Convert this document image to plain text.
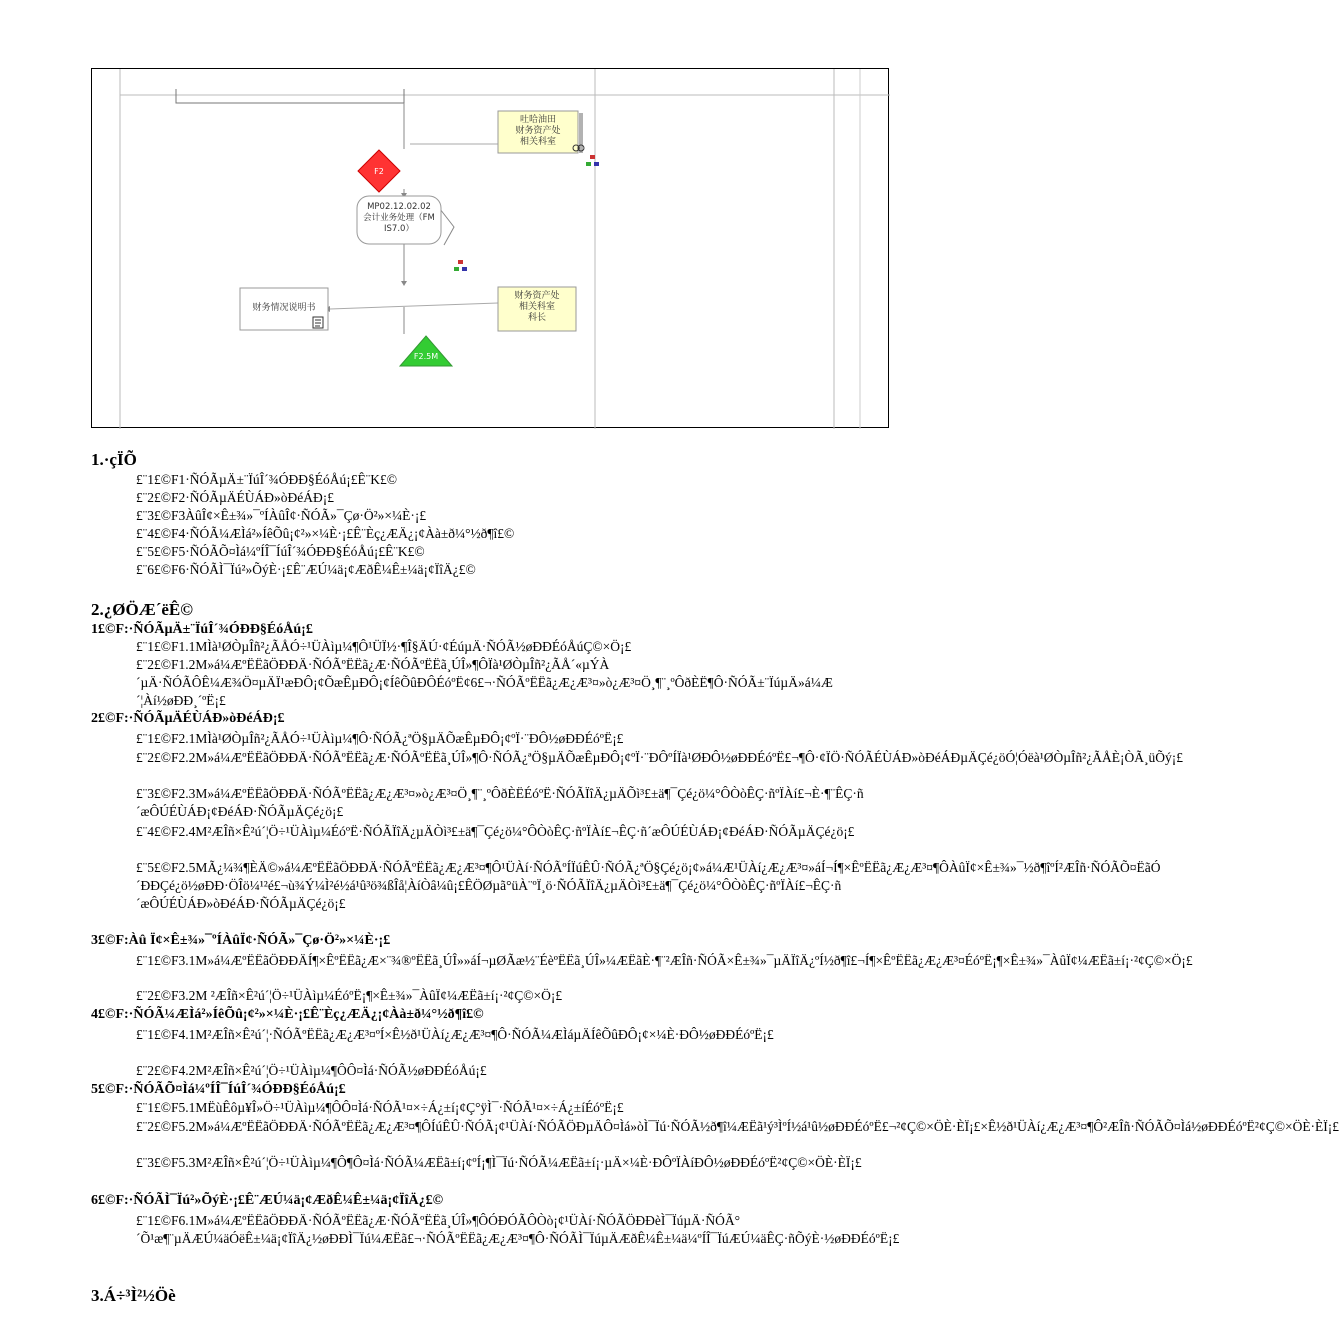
吐哈油田
财务资产处
相关科室
F2
MP02.12.02.02
会计业务处理（FM
IS7.0）
财务情况说明书
财务资产处
相关科室
科长
F2.5M
1.·çÏÕ
£¨1£©F1·ÑÓÃµÄ±¨ÏúÎ´¾ÓÐÐ§ÉóÅú¡£Ê¨K£©
£¨2£©F2·ÑÓÃµÄÉÙÁÐ»òÐéÁÐ¡£
£¨3£©F3ÀûÎ¢×Ê±¾»¯ºÍÀûÎ¢·ÑÓÃ»¯Çø·Ö²»×¼È·¡£
£¨4£©F4·ÑÓÃ¼ÆÌá²»ÍêÕû¡¢²»×¼È·¡£Ê¨Èç¿ÆÄ¿¡¢Àà±ð¼°½ð¶î£©
£¨5£©F5·ÑÓÃÕ¤Ìá¼ºÍÎ¯ÍúÎ´¾ÓÐÐ§ÉóÅú¡£Ê¨K£©
£¨6£©F6·ÑÓÃÌ¯Ïú²»ÕýÈ·¡£Ê¨ÆÚ¼ä¡¢ÆðÊ¼Ê±¼ä¡¢ÏîÄ¿£©
2.¿ØÖÆ´ëÊ©
1£©F:·ÑÓÃµÄ±¨ÏúÎ´¾ÓÐÐ§ÉóÅú¡£
£¨1£©F1.1MÌà¹ØÒµÎñ²¿ÃÅÓ÷¹ÜÀìµ¼¶Ô¹ÜÏ½·¶Î§ÄÚ·¢ÉúµÄ·ÑÓÃ½øÐÐÉóÅúÇ©×Ö¡£
£¨2£©F1.2M»á¼ÆºËËãÖÐÐÄ·ÑÓÃºËËã¿Æ·ÑÓÃºËËã¸ÚÎ»¶ÔÏà¹ØÒµÎñ²¿ÃÅ´«µÝÀ´µÄ·ÑÓÃÔÊ¼Æ¾Ö¤µÄÏ¹æÐÔ¡¢ÕæÊµÐÔ¡¢ÍêÕûÐÔÉóºË¢6£¬·ÑÓÃºËËã¿Æ¿Æ³¤»ò¿Æ³¤Ö¸¶¨¸ºÔðÈË¶Ô·ÑÓÃ±¨ÏúµÄ»á¼Æ´¦Àí½øÐÐ¸´ºË¡£
2£©F:·ÑÓÃµÄÉÙÁÐ»òÐéÁÐ¡£
£¨1£©F2.1MÌà¹ØÒµÎñ²¿ÃÅÓ÷¹ÜÀìµ¼¶Ô·ÑÓÃ¿ªÖ§µÄÕæÊµÐÔ¡¢ºÏ·¨ÐÔ½øÐÐÉóºË¡£
£¨2£©F2.2M»á¼ÆºËËãÖÐÐÄ·ÑÓÃºËËã¿Æ·ÑÓÃºËËã¸ÚÎ»¶Ô·ÑÓÃ¿ªÖ§µÄÕæÊµÐÔ¡¢ºÏ·¨ÐÔºÍÏà¹ØÐÔ½øÐÐÉóºË£¬¶Ô·¢ÏÖ·ÑÓÃÉÙÁÐ»òÐéÁÐµÄÇé¿öÓ¦Óëà¹ØÒµÎñ²¿ÃÅÈ¡ÒÃ¸üÕý¡£
£¨3£©F2.3M»á¼ÆºËËãÖÐÐÄ·ÑÓÃºËËã¿Æ¿Æ³¤»ò¿Æ³¤Ö¸¶¨¸ºÔðÈËÉóºË·ÑÓÃÏîÄ¿µÄÕì³£±ä¶¯Çé¿ö¼°ÔÒòÊÇ·ñºÏÀí£¬È·¶¨ÊÇ·ñ´æÔÚÉÙÁÐ¡¢ÐéÁÐ·ÑÓÃµÄÇé¿ö¡£
£¨4£©F2.4M²ÆÎñ×Ê²ú´¦Ö÷¹ÜÀìµ¼ÉóºË·ÑÓÃÏîÄ¿µÄÒì³£±ä¶¯Çé¿ö¼°ÔÒòÊÇ·ñºÏÀí£¬ÊÇ·ñ´æÔÚÉÙÁÐ¡¢ÐéÁÐ·ÑÓÃµÄÇé¿ö¡£
£¨5£©F2.5MÃ¿¼¾¶ÈÄ©»á¼ÆºËËãÖÐÐÄ·ÑÓÃºËËã¿Æ¿Æ³¤¶Ô¹ÜÀí·ÑÓÃºÍÏúÊÛ·ÑÓÃ¿ªÖ§Çé¿ö¡¢»á¼Æ¹ÜÀí¿Æ¿Æ³¤»áÍ¬Í¶×ÊºËËã¿Æ¿Æ³¤¶ÔÀûÏ¢×Ê±¾»¯½ð¶îºÍ²ÆÎñ·ÑÓÃÕ¤ËãÓ´ÐÐÇé¿ö½øÐÐ·ÖÎö¼¹²é£¬ù¾Ý¼Ì²é½á¹û³ö¾ßÎå¦ÀíÒâ¼û¡£ÊÖØµã°üÀ¨ºÏ¸ö·ÑÓÃÏîÄ¿µÄÒì³£±ä¶¯Çé¿ö¼°ÔÒòÊÇ·ñºÏÀí£¬ÊÇ·ñ´æÔÚÉÙÁÐ»òÐéÁÐ·ÑÓÃµÄÇé¿ö¡£
3£©F:Àû Ï¢×Ê±¾»¯ºÍÀûÏ¢·ÑÓÃ»¯Çø·Ö²»×¼È·¡£
£¨1£©F3.1M»á¼ÆºËËãÖÐÐÄÍ¶×ÊºËËã¿Æ×¨¾®ºËËã¸ÚÎ»»áÍ¬µØÃæ½¨ÉèºËËã¸ÚÎ»¼ÆËãÈ·¶¨²ÆÎñ·ÑÓÃ×Ê±¾»¯µÄÏîÄ¿ºÍ½ð¶î£¬Í¶×ÊºËËã¿Æ¿Æ³¤ÉóºË¡¶×Ê±¾»¯ÀûÏ¢¼ÆËã±í¡·²¢Ç©×Ö¡£
£¨2£©F3.2M ²ÆÎñ×Ê²ú´¦Ö÷¹ÜÀìµ¼ÉóºË¡¶×Ê±¾»¯ÀûÏ¢¼ÆËã±í¡·²¢Ç©×Ö¡£
4£©F:·ÑÓÃ¼ÆÌá²»ÍêÕû¡¢²»×¼È·¡£Ê¨Èç¿ÆÄ¿¡¢Àà±ð¼°½ð¶î£©
£¨1£©F4.1M²ÆÎñ×Ê²ú´¦·ÑÓÃºËËã¿Æ¿Æ³¤ºÍ×Ê½ð¹ÜÀí¿Æ¿Æ³¤¶Ô·ÑÓÃ¼ÆÌáµÄÍêÕûÐÔ¡¢×¼È·ÐÔ½øÐÐÉóºË¡£
£¨2£©F4.2M²ÆÎñ×Ê²ú´¦Ö÷¹ÜÀìµ¼¶ÔÔ¤Ìá·ÑÓÃ½øÐÐÉóÅú¡£
5£©F:·ÑÓÃÕ¤Ìá¼ºÍÎ¯ÍúÎ´¾ÓÐÐ§ÉóÅú¡£
£¨1£©F5.1MËùÊôµ¥Î»Ö÷¹ÜÀìµ¼¶ÔÔ¤Ìá·ÑÓÃ¹¤×÷Á¿±í¡¢Ç°ÿÌ¯·ÑÓÃ¹¤×÷Á¿±íÉóºË¡£
£¨2£©F5.2M»á¼ÆºËËãÖÐÐÄ·ÑÓÃºËËã¿Æ¿Æ³¤¶ÔÍúÊÛ·ÑÓÃ¡¢¹ÜÀí·ÑÓÃÖÐµÄÔ¤Ìá»òÌ¯Ïú·ÑÓÃ½ð¶î¼ÆËã¹ý³ÌºÍ½á¹û½øÐÐÉóºË£¬²¢Ç©×ÖÈ·ÈÏ¡£×Ê½ð¹ÜÀí¿Æ¿Æ³¤¶Ô²ÆÎñ·ÑÓÃÕ¤Ìá½øÐÐÉóºË²¢Ç©×ÖÈ·ÈÏ¡£
£¨3£©F5.3M²ÆÎñ×Ê²ú´¦Ö÷¹ÜÀìµ¼¶Ô¶Ô¤Ìá·ÑÓÃ¼ÆËã±í¡¢ºÍ¡¶Ì¯Ïú·ÑÓÃ¼ÆËã±í¡·µÄ×¼È·ÐÔºÏÀíÐÔ½øÐÐÉóºË²¢Ç©×ÖÈ·ÈÏ¡£
6£©F:·ÑÓÃÌ¯Ïú²»ÕýÈ·¡£Ê¨ÆÚ¼ä¡¢ÆðÊ¼Ê±¼ä¡¢ÏîÄ¿£©
£¨1£©F6.1M»á¼ÆºËËãÖÐÐÄ·ÑÓÃºËËã¿Æ·ÑÓÃºËËã¸ÚÎ»¶ÔÓÐÓÃÔÒò¡¢¹ÜÀí·ÑÓÃÖÐÐèÌ¯ÏúµÄ·ÑÓÃ°´Õ¹æ¶¨µÄÆÚ¼äÓëÊ±¼ä¡¢ÏîÄ¿½øÐÐÌ¯Ïú¼ÆËã£¬·ÑÓÃºËËã¿Æ¿Æ³¤¶Ô·ÑÓÃÌ¯ÏúµÄÆðÊ¼Ê±¼ä¼ºÍÎ¯ÏúÆÚ¼äÊÇ·ñÕýÈ·½øÐÐÉóºË¡£
3.Á÷³Ì²½Öè
